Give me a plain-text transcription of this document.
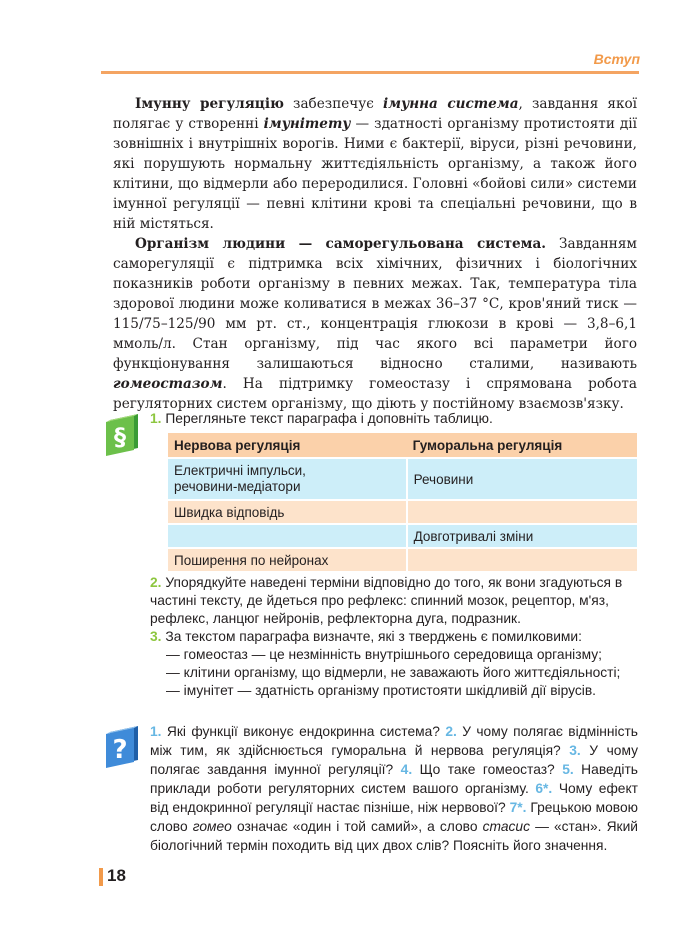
Вступ

Імунну регуляцію забезпечує імунна система, завдання якої полягає у створенні імунітету — здатності організму протистояти дії зовнішніх і внутрішніх ворогів. Ними є бактерії, віруси, різні речовини, які порушують нормальну життєдіяльність організму, а також його клітини, що відмерли або переродилися. Головні «бойові сили» системи імунної регуляції — певні клітини крові та спеціальні речовини, що в ній містяться.

Організм людини — саморегульована система. Завданням саморегуляції є підтримка всіх хімічних, фізичних і біологічних показників роботи організму в певних межах. Так, температура тіла здорової людини може коливатися в межах 36–37 °С, кров'яний тиск — 115/75–125/90 мм рт. ст., концентрація глюкози в крові — 3,8–6,1 ммоль/л. Стан організму, під час якого всі параметри його функціонування залишаються відносно сталими, називають гомеостазом. На підтримку гомеостазу і спрямована робота регуляторних систем організму, що діють у постійному взаємозв'язку.

§
1. Перегляньте текст параграфа і доповніть таблицю.
Нервова регуляція	Гуморальна регуляція
Електричні імпульси,
речовини-медіатори	Речовини
Швидка відповідь	
	Довготривалі зміни
Поширення по нейронах	
2. Упорядкуйте наведені терміни відповідно до того, як вони згадуються в частині тексту, де йдеться про рефлекс: спинний мозок, рецептор, м'яз, рефлекс, ланцюг нейронів, рефлекторна дуга, подразник.
3. За текстом параграфа визначте, які з тверджень є помилковими:
— гомеостаз — це незмінність внутрішнього середовища організму;
— клітини організму, що відмерли, не заважають його життєдіяльності;
— імунітет — здатність організму протистояти шкідливій дії вірусів.
?
1. Які функції виконує ендокринна система? 2. У чому полягає відмінність між тим, як здійснюється гуморальна й нервова регуляція? 3. У чому полягає завдання імунної регуляції? 4. Що таке гомеостаз? 5. Наведіть приклади роботи регуляторних систем вашого організму. 6*. Чому ефект від ендокринної регуляції настає пізніше, ніж нервової? 7*. Грецькою мовою слово гомео означає «один і той самий», а слово стасис — «стан». Який біологічний термін походить від цих двох слів? Поясніть його значення.
18
